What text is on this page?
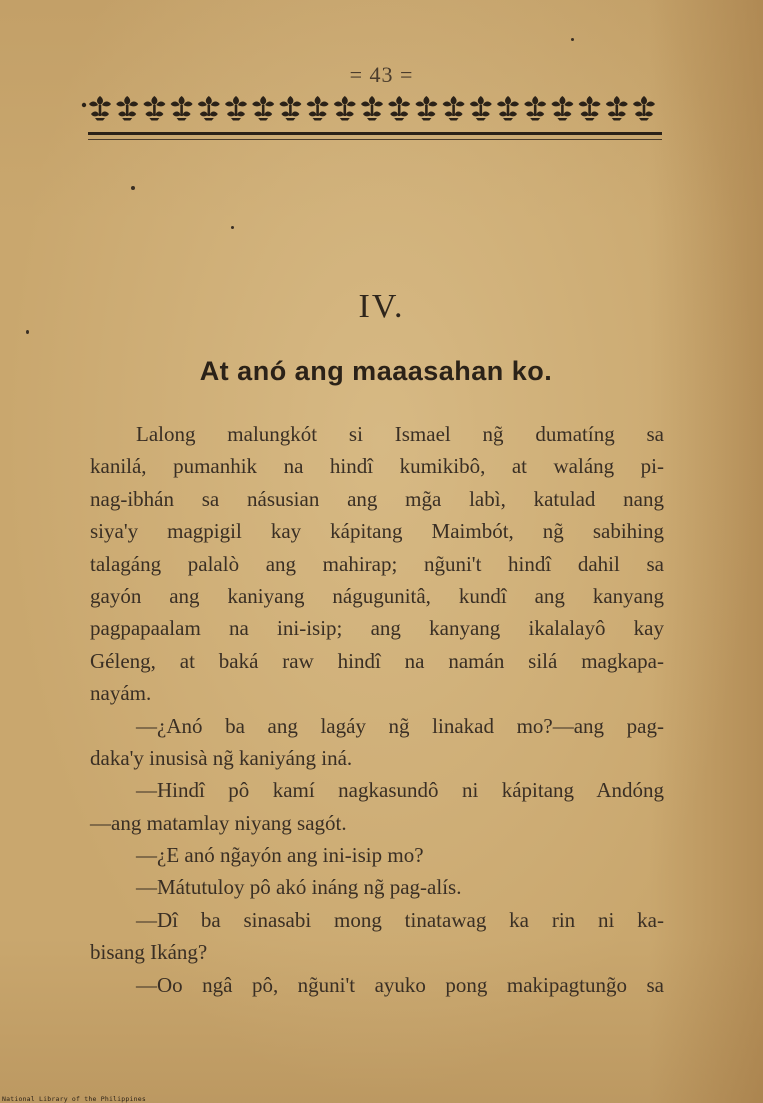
= 43 =
IV.
At anó ang maaasahan ko.
Lalong malungkót si Ismael ng̃ dumatíng sa
kanilá, pumanhik na hindî kumikibô, at waláng pi-
nag-ibhán sa násusian ang mg̃a labì, katulad nang
siya'y magpigil kay kápitang Maimbót, ng̃ sabihing
talagáng palalò ang mahirap; ng̃uni't hindî dahil sa
gayón ang kaniyang nágugunitâ, kundî ang kanyang
pagpapaalam na ini-isip; ang kanyang ikalalayô kay
Géleng, at baká raw hindî na namán silá magkapa-
nayám.
—¿Anó ba ang lagáy ng̃ linakad mo?—ang pag-
daka'y inusisà ng̃ kaniyáng iná.
—Hindî pô kamí nagkasundô ni kápitang Andóng
—ang matamlay niyang sagót.
—¿E anó ng̃ayón ang ini-isip mo?
—Mátutuloy pô akó ináng ng̃ pag-alís.
—Dî ba sinasabi mong tinatawag ka rin ni ka-
bisang Ikáng?
—Oo ngâ pô, ng̃uni't ayuko pong makipagtung̃o sa
National Library of the Philippines
